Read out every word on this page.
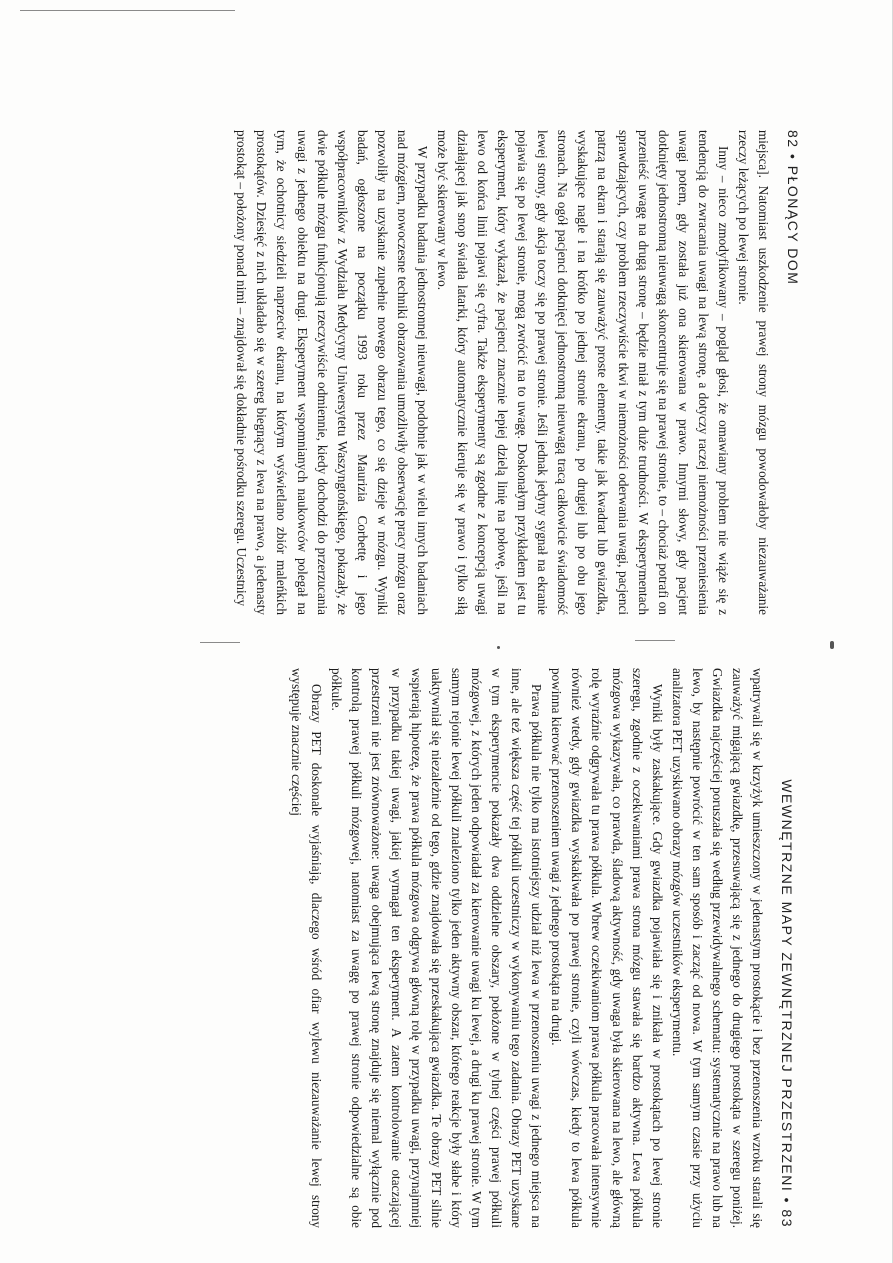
82 • PŁONĄCY DOM

miejsca]. Natomiast uszkodzenie prawej strony mózgu powodowałoby niezauważanie rzeczy leżących po lewej stronie.

Inny – nieco zmodyfikowany – pogląd głosi, że omawiany problem nie wiąże się z tendencją do zwracania uwagi na lewą stronę, a dotyczy raczej niemożności przeniesienia uwagi potem, gdy została już ona skierowana w prawo. Innymi słowy, gdy pacjent dotknięty jednostronną nieuwagą skoncentruje się na prawej stronie, to – chociaż potrafi on przenieść uwagę na drugą stronę – będzie miał z tym duże trudności. W eksperymentach sprawdzających, czy problem rzeczywiście tkwi w niemożności oderwania uwagi, pacjenci patrzą na ekran i starają się zauważyć proste elementy, takie jak kwadrat lub gwiazdka, wyskakujące nagle i na krótko po jednej stronie ekranu, po drugiej lub po obu jego stronach. Na ogół pacjenci dotknięci jednostronną nieuwagą tracą całkowicie świadomość lewej strony, gdy akcja toczy się po prawej stronie. Jeśli jednak jedyny sygnał na ekranie pojawia się po lewej stronie, mogą zwrócić na to uwagę. Doskonałym przykładem jest tu eksperyment, który wykazał, że pacjenci znacznie lepiej dzielą linię na połowę, jeśli na lewo od końca linii pojawi się cyfra. Także eksperymenty są zgodne z koncepcją uwagi działającej jak snop światła latarki, który automatycznie kieruje się w prawo i tylko siłą może być skierowany w lewo.

W przypadku badania jednostronnej nieuwagi, podobnie jak w wielu innych badaniach nad mózgiem, nowoczesne techniki obrazowania umożliwiły obserwację pracy mózgu oraz pozwoliły na uzyskanie zupełnie nowego obrazu tego, co się dzieje w mózgu. Wyniki badań, ogłoszone na początku 1993 roku przez Maurizia Corbettę i jego współpracowników z Wydziału Medycyny Uniwersytetu Waszyngtońskiego, pokazały, że dwie półkule mózgu funkcjonują rzeczywiście odmiennie, kiedy dochodzi do przerzucania uwagi z jednego obiektu na drugi. Eksperyment wspomnianych naukowców polegał na tym, że ochotnicy siedzieli naprzeciw ekranu, na którym wyświetlano zbiór maleńkich prostokątów. Dziesięć z nich układało się w szereg biegnący z lewa na prawo, a jedenasty prostokąt – położony ponad nimi – znajdował się dokładnie pośrodku szeregu. Uczestnicy

WEWNĘTRZNE MAPY ZEWNĘTRZNEJ PRZESTRZENI • 83

wpatrywali się w krzyżyk umieszczony w jedenastym prostokącie i bez przenoszenia wzroku starali się zauważyć migającą gwiazdkę, przesuwającą się z jednego do drugiego prostokąta w szeregu poniżej. Gwiazdka najczęściej poruszała się według przewidywalnego schematu: systematycznie na prawo lub na lewo, by następnie powrócić w ten sam sposób i zacząć od nowa. W tym samym czasie przy użyciu analizatora PET uzyskiwano obrazy mózgów uczestników eksperymentu.

Wyniki były zaskakujące. Gdy gwiazdka pojawiała się i znikała w prostokątach po lewej stronie szeregu, zgodnie z oczekiwaniami prawa strona mózgu stawała się bardzo aktywna. Lewa półkula mózgowa wykazywała, co prawda, śladową aktywność, gdy uwaga była skierowana na lewo, ale główną rolę wyraźnie odgrywała tu prawa półkula. Wbrew oczekiwaniom prawa półkula pracowała intensywnie również wtedy, gdy gwiazdka wyskakiwała po prawej stronie, czyli wówczas, kiedy to lewa półkula powinna kierować przenoszeniem uwagi z jednego prostokąta na drugi.

Prawa półkula nie tylko ma istotniejszy udział niż lewa w przenoszeniu uwagi z jednego miejsca na inne, ale też większa część tej półkuli uczestniczy w wykonywaniu tego zadania. Obrazy PET uzyskane w tym eksperymencie pokazały dwa oddzielne obszary, położone w tylnej części prawej półkuli mózgowej, z których jeden odpowiadał za kierowanie uwagi ku lewej, a drugi ku prawej stronie. W tym samym rejonie lewej półkuli znaleziono tylko jeden aktywny obszar, którego reakcje były słabe i który uaktywniał się niezależnie od tego, gdzie znajdowała się przeskakująca gwiazdka. Te obrazy PET silnie wspierają hipotezę, że prawa półkula mózgowa odgrywa główną rolę w przypadku uwagi, przynajmniej w przypadku takiej uwagi, jakiej wymagał ten eksperyment. A zatem kontrolowanie otaczającej przestrzeni nie jest zrównoważone: uwaga obejmująca lewą stronę znajduje się niemal wyłącznie pod kontrolą prawej półkuli mózgowej, natomiast za uwagę po prawej stronie odpowiedzialne są obie półkule.

Obrazy PET doskonale wyjaśniają, dlaczego wśród ofiar wylewu niezauważanie lewej strony występuje znacznie częściej
